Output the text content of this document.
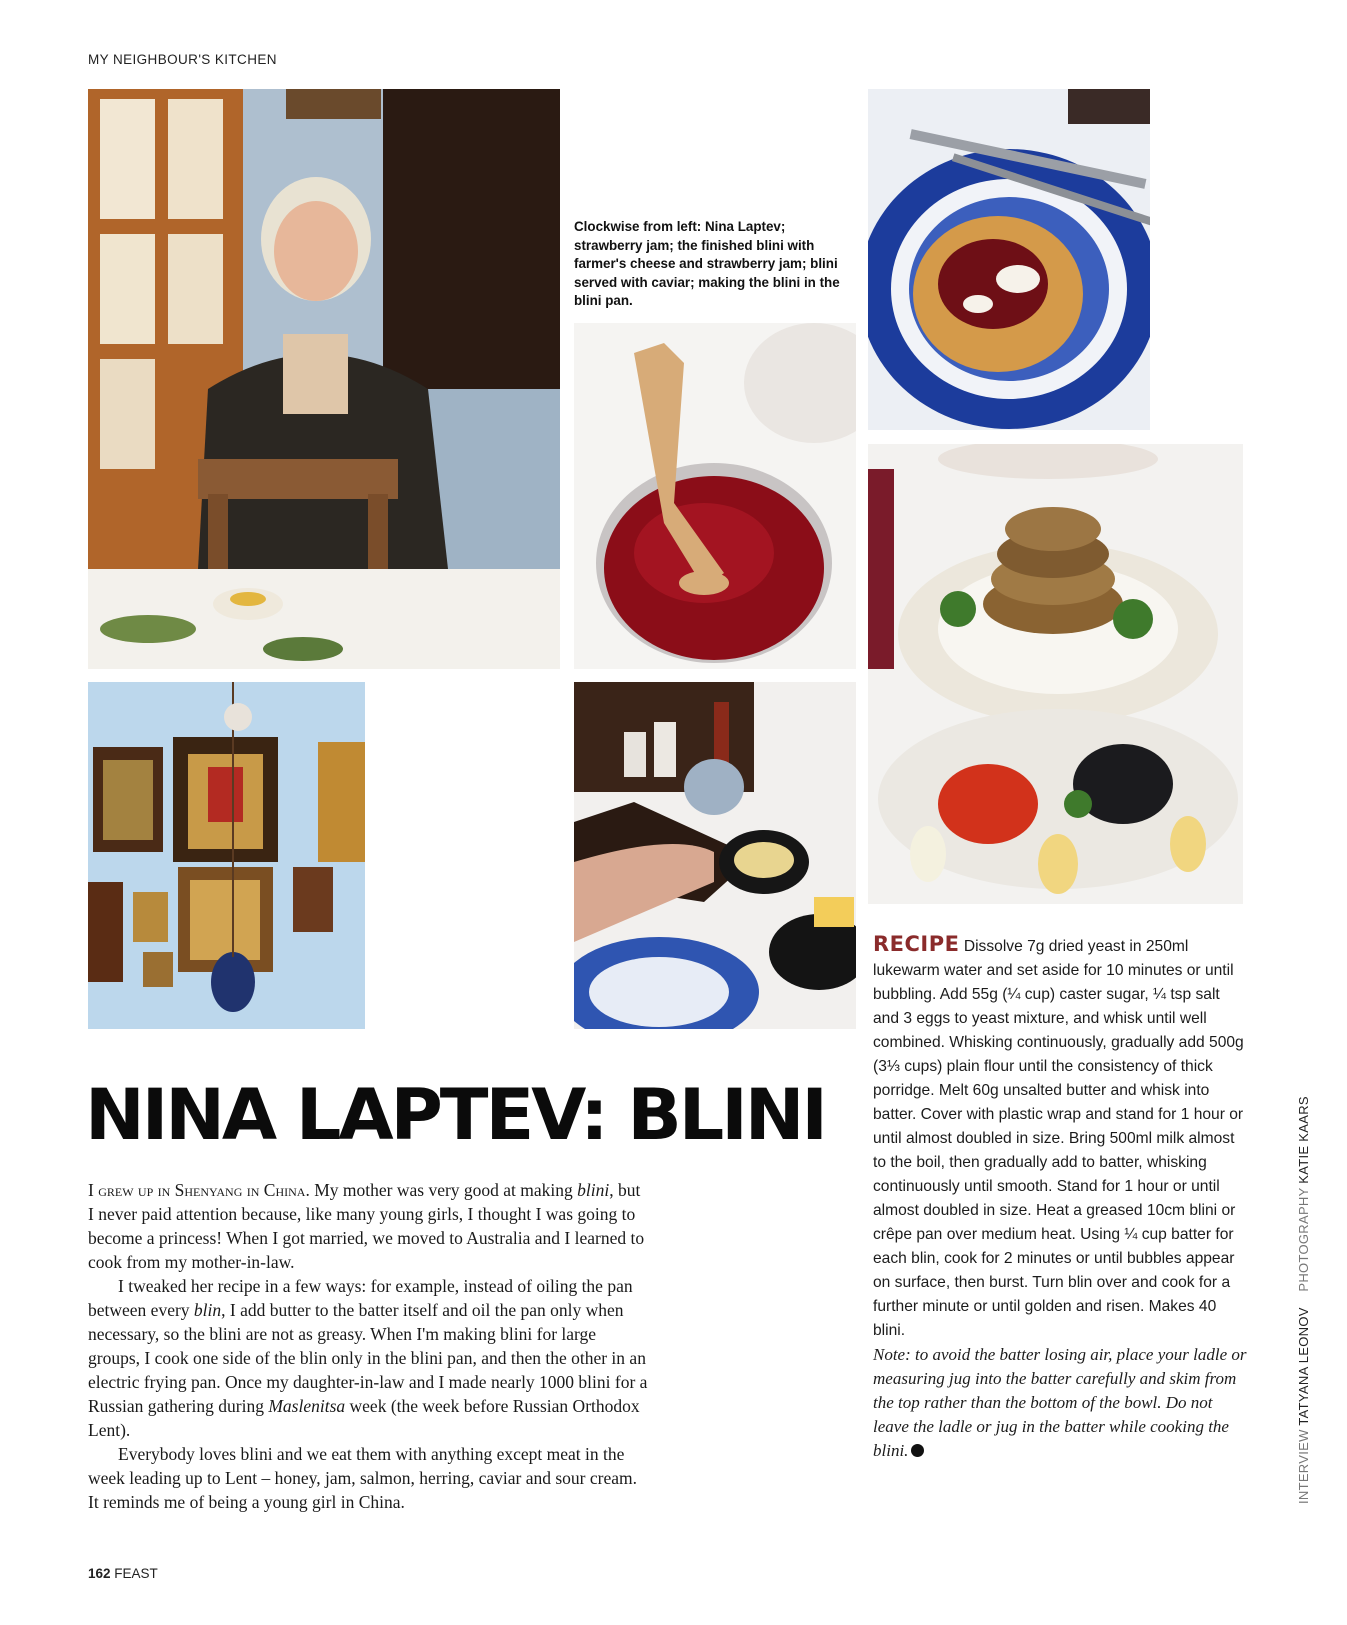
MY NEIGHBOUR'S KITCHEN
Clockwise from left: Nina Laptev; strawberry jam; the finished blini with farmer's cheese and strawberry jam; blini served with caviar; making the blini in the blini pan.
NINA LAPTEV: BLINI

I grew up in Shenyang in China. My mother was very good at making blini, but I never paid attention because, like many young girls, I thought I was going to become a princess! When I got married, we moved to Australia and I learned to cook from my mother-in-law.

I tweaked her recipe in a few ways: for example, instead of oiling the pan between every blin, I add butter to the batter itself and oil the pan only when necessary, so the blini are not as greasy. When I'm making blini for large groups, I cook one side of the blin only in the blini pan, and then the other in an electric frying pan. Once my daughter-in-law and I made nearly 1000 blini for a Russian gathering during Maslenitsa week (the week before Russian Orthodox Lent).

Everybody loves blini and we eat them with anything except meat in the week leading up to Lent – honey, jam, salmon, herring, caviar and sour cream. It reminds me of being a young girl in China.

RECIPE Dissolve 7g dried yeast in 250ml lukewarm water and set aside for 10 minutes or until bubbling. Add 55g (¼ cup) caster sugar, ¼ tsp salt and 3 eggs to yeast mixture, and whisk until well combined. Whisking continuously, gradually add 500g (3⅓ cups) plain flour until the consistency of thick porridge. Melt 60g unsalted butter and whisk into batter. Cover with plastic wrap and stand for 1 hour or until almost doubled in size. Bring 500ml milk almost to the boil, then gradually add to batter, whisking continuously until smooth. Stand for 1 hour or until almost doubled in size. Heat a greased 10cm blini or crêpe pan over medium heat. Using ¼ cup batter for each blin, cook for 2 minutes or until bubbles appear on surface, then burst. Turn blin over and cook for a further minute or until golden and risen. Makes 40 blini.

Note: to avoid the batter losing air, place your ladle or measuring jug into the batter carefully and skim from the top rather than the bottom of the bowl. Do not leave the ladle or jug in the batter while cooking the blini.	INTERVIEW TATYANA LEONOV    PHOTOGRAPHY KATIE KAARS
162 FEAST
